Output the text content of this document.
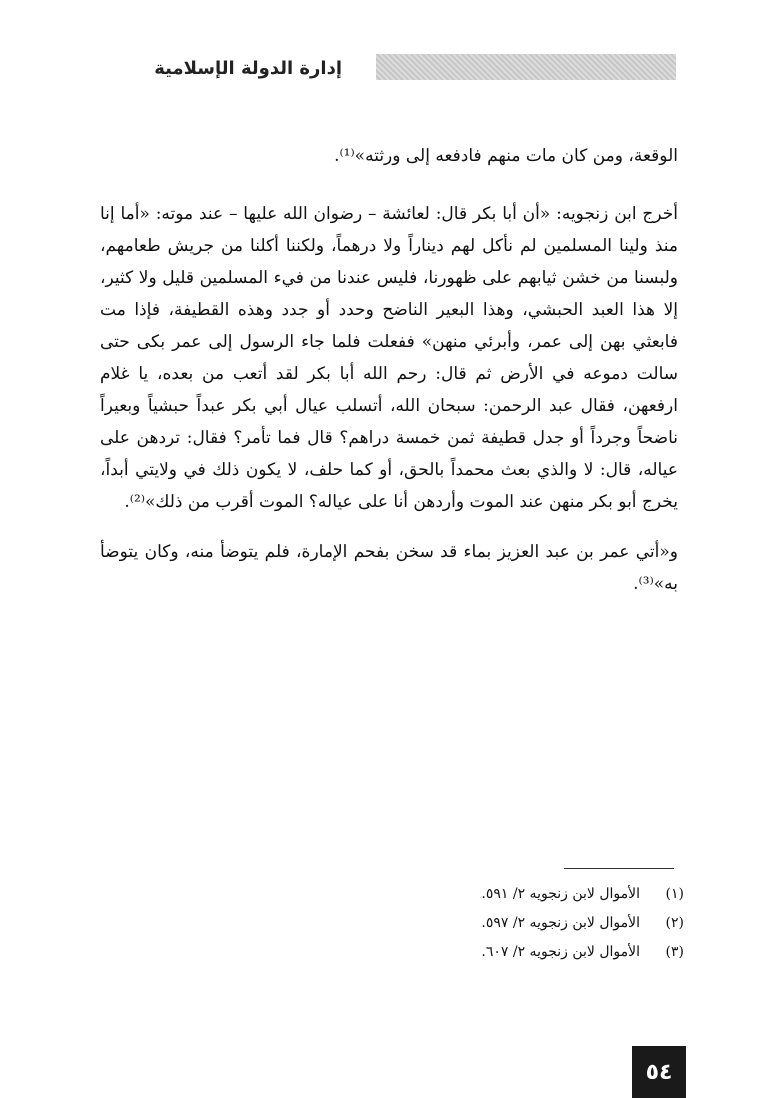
إدارة الدولة الإسلامية

الوقعة، ومن كان مات منهم فادفعه إلى ورثته»⁽¹⁾.

أخرج ابن زنجويه: «أن أبا بكر قال: لعائشة – رضوان الله عليها – عند موته: «أما إنا منذ ولينا المسلمين لم نأكل لهم ديناراً ولا درهماً، ولكننا أكلنا من جريش طعامهم، ولبسنا من خشن ثيابهم على ظهورنا، فليس عندنا من فيء المسلمين قليل ولا كثير، إلا هذا العبد الحبشي، وهذا البعير الناضح وحدد أو جدد وهذه القطيفة، فإذا مت فابعثي بهن إلى عمر، وأبرئي منهن» ففعلت فلما جاء الرسول إلى عمر بكى حتى سالت دموعه في الأرض ثم قال: رحم الله أبا بكر لقد أتعب من بعده، يا غلام ارفعهن، فقال عبد الرحمن: سبحان الله، أتسلب عيال أبي بكر عبداً حبشياً وبعيراً ناضحاً وجرداً أو جدل قطيفة ثمن خمسة دراهم؟ قال فما تأمر؟ فقال: تردهن على عياله، قال: لا والذي بعث محمداً بالحق، أو كما حلف، لا يكون ذلك في ولايتي أبداً، يخرج أبو بكر منهن عند الموت وأردهن أنا على عياله؟ الموت أقرب من ذلك»⁽²⁾.

و«أتي عمر بن عبد العزيز بماء قد سخن بفحم الإمارة، فلم يتوضأ منه، وكان يتوضأ به»⁽³⁾.

(١)
الأموال لابن زنجويه ٢/ ٥٩١.
(٢)
الأموال لابن زنجويه ٢/ ٥٩٧.
(٣)
الأموال لابن زنجويه ٢/ ٦٠٧.
٥٤
